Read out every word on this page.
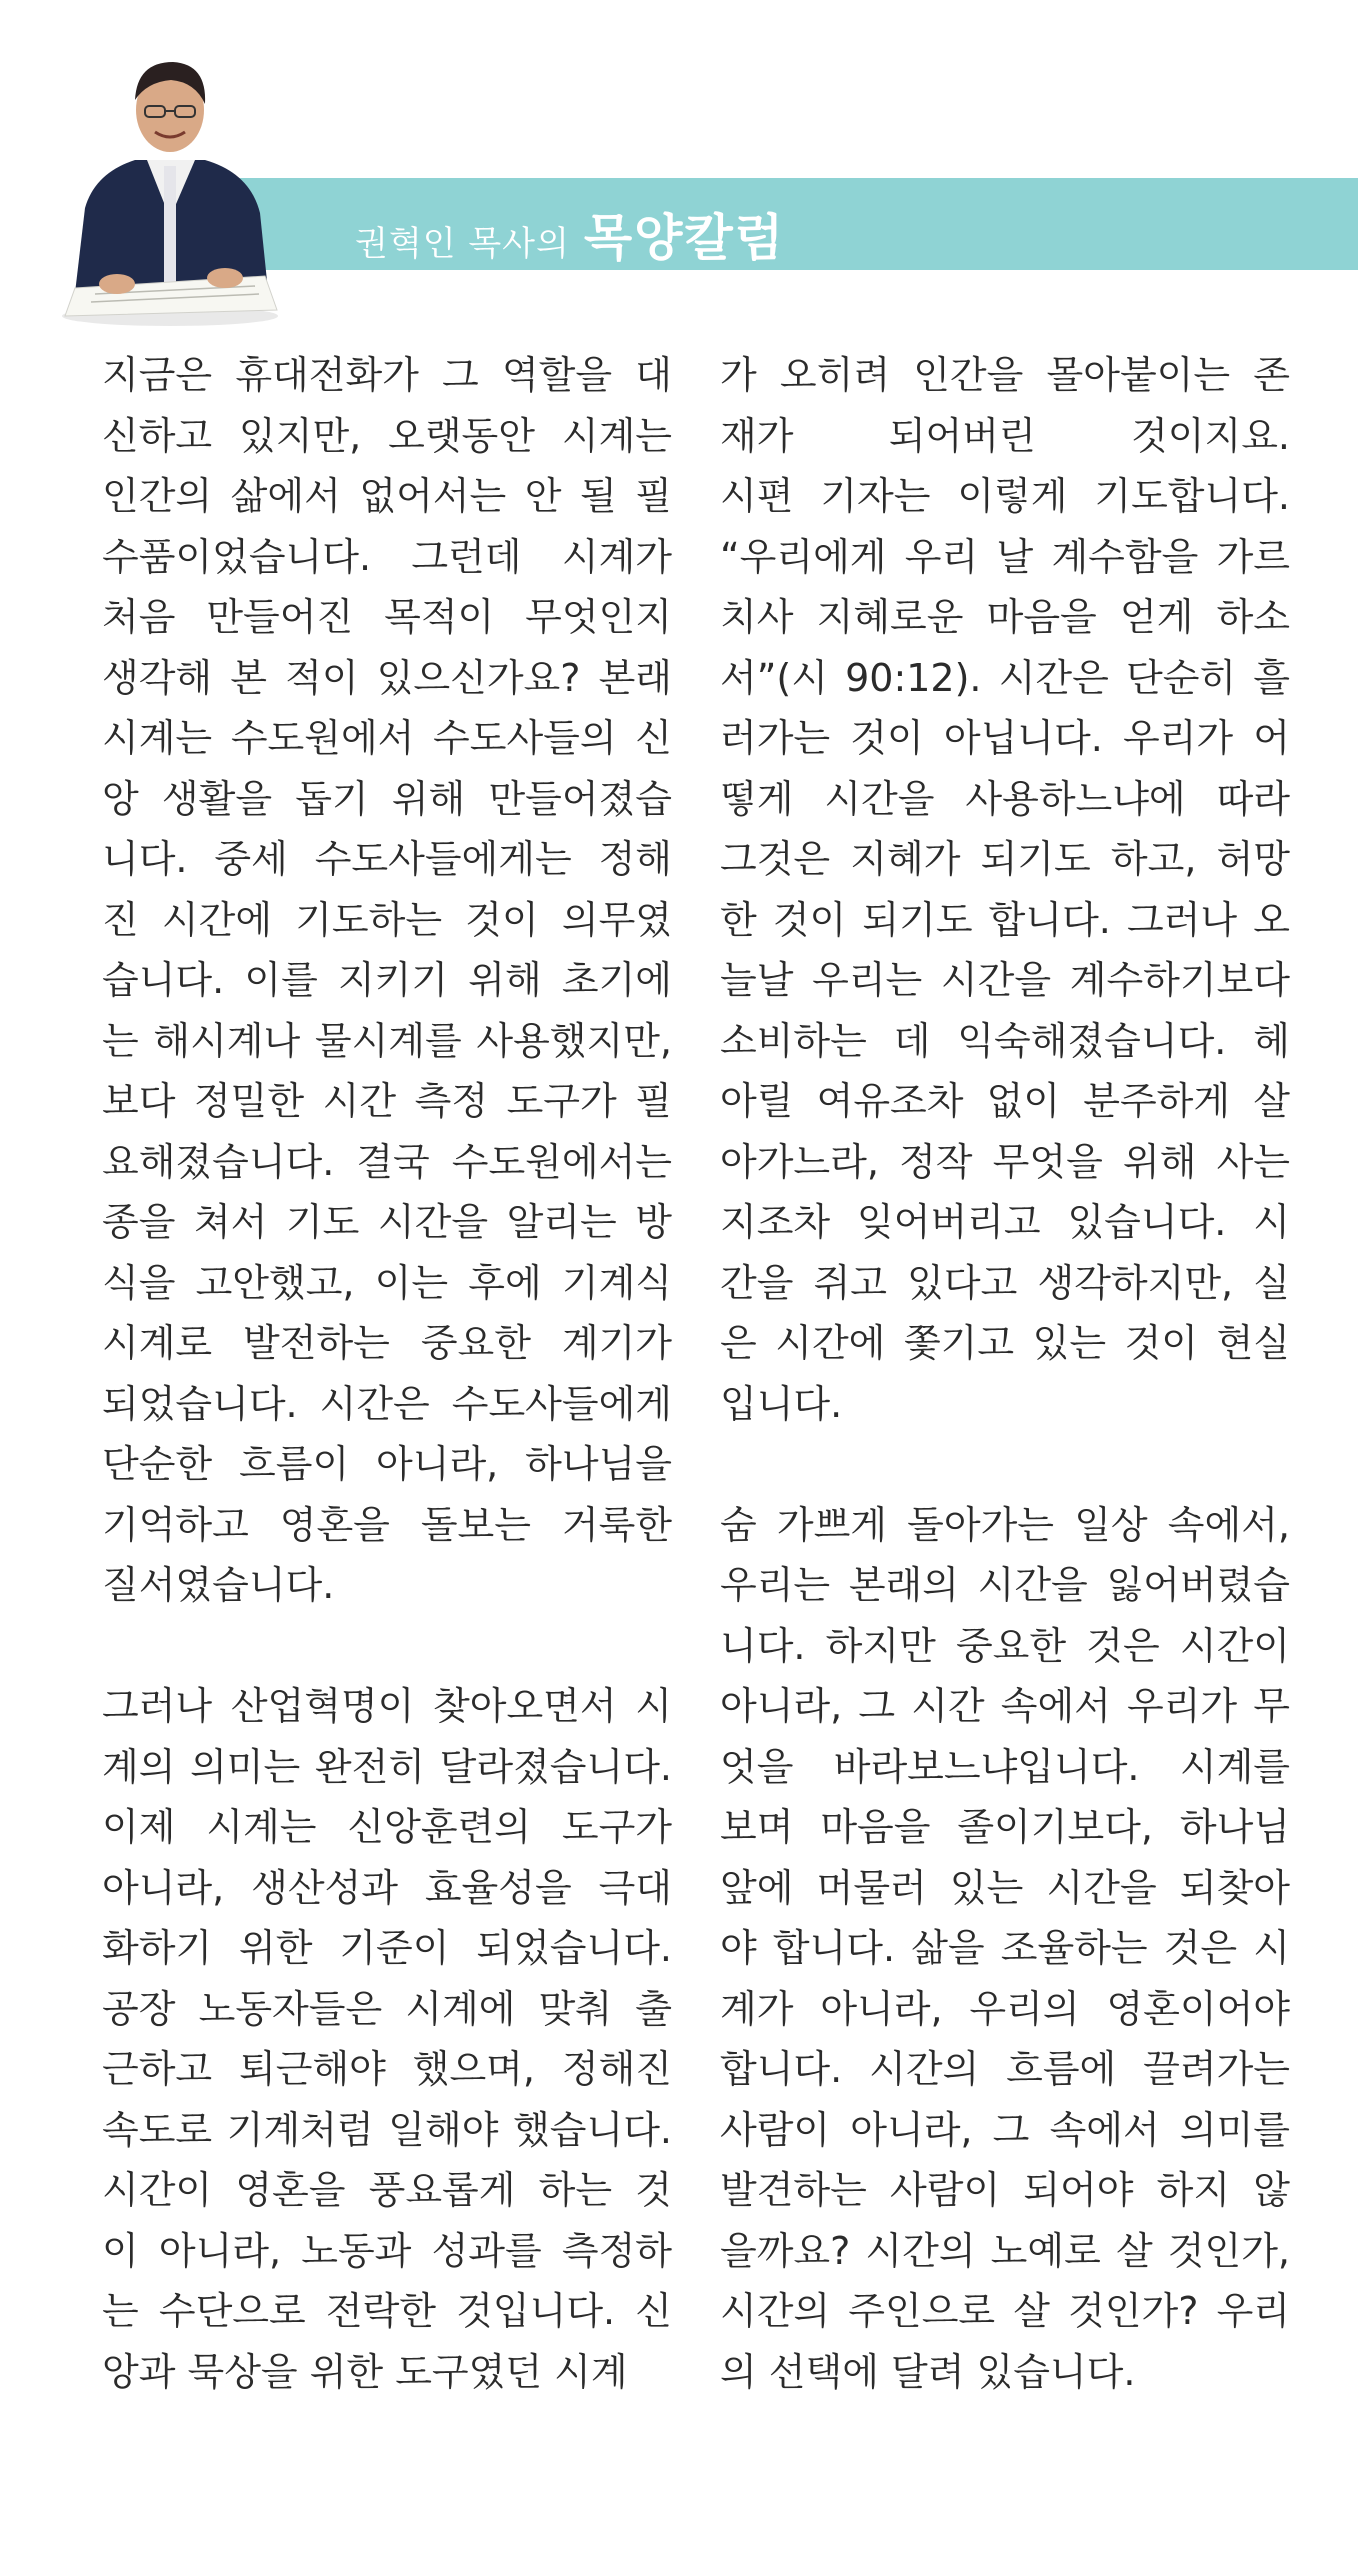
권혁인 목사의 목양칼럼
지금은 휴대전화가 그 역할을 대
신하고 있지만, 오랫동안 시계는
인간의 삶에서 없어서는 안 될 필
수품이었습니다. 그런데 시계가
처음 만들어진 목적이 무엇인지
생각해 본 적이 있으신가요? 본래
시계는 수도원에서 수도사들의 신
앙 생활을 돕기 위해 만들어졌습
니다. 중세 수도사들에게는 정해
진 시간에 기도하는 것이 의무였
습니다. 이를 지키기 위해 초기에
는 해시계나 물시계를 사용했지만,
보다 정밀한 시간 측정 도구가 필
요해졌습니다. 결국 수도원에서는
종을 쳐서 기도 시간을 알리는 방
식을 고안했고, 이는 후에 기계식
시계로 발전하는 중요한 계기가
되었습니다. 시간은 수도사들에게
단순한 흐름이 아니라, 하나님을
기억하고 영혼을 돌보는 거룩한
질서였습니다.
그러나 산업혁명이 찾아오면서 시
계의 의미는 완전히 달라졌습니다.
이제 시계는 신앙훈련의 도구가
아니라, 생산성과 효율성을 극대
화하기 위한 기준이 되었습니다.
공장 노동자들은 시계에 맞춰 출
근하고 퇴근해야 했으며, 정해진
속도로 기계처럼 일해야 했습니다.
시간이 영혼을 풍요롭게 하는 것
이 아니라, 노동과 성과를 측정하
는 수단으로 전락한 것입니다. 신
앙과 묵상을 위한 도구였던 시계
가 오히려 인간을 몰아붙이는 존
재가 되어버린 것이지요.
시편 기자는 이렇게 기도합니다.
“우리에게 우리 날 계수함을 가르
치사 지혜로운 마음을 얻게 하소
서”(시 90:12). 시간은 단순히 흘
러가는 것이 아닙니다. 우리가 어
떻게 시간을 사용하느냐에 따라
그것은 지혜가 되기도 하고, 허망
한 것이 되기도 합니다. 그러나 오
늘날 우리는 시간을 계수하기보다
소비하는 데 익숙해졌습니다. 헤
아릴 여유조차 없이 분주하게 살
아가느라, 정작 무엇을 위해 사는
지조차 잊어버리고 있습니다. 시
간을 쥐고 있다고 생각하지만, 실
은 시간에 쫓기고 있는 것이 현실
입니다.
숨 가쁘게 돌아가는 일상 속에서,
우리는 본래의 시간을 잃어버렸습
니다. 하지만 중요한 것은 시간이
아니라, 그 시간 속에서 우리가 무
엇을 바라보느냐입니다. 시계를
보며 마음을 졸이기보다, 하나님
앞에 머물러 있는 시간을 되찾아
야 합니다. 삶을 조율하는 것은 시
계가 아니라, 우리의 영혼이어야
합니다. 시간의 흐름에 끌려가는
사람이 아니라, 그 속에서 의미를
발견하는 사람이 되어야 하지 않
을까요? 시간의 노예로 살 것인가,
시간의 주인으로 살 것인가? 우리
의 선택에 달려 있습니다.
